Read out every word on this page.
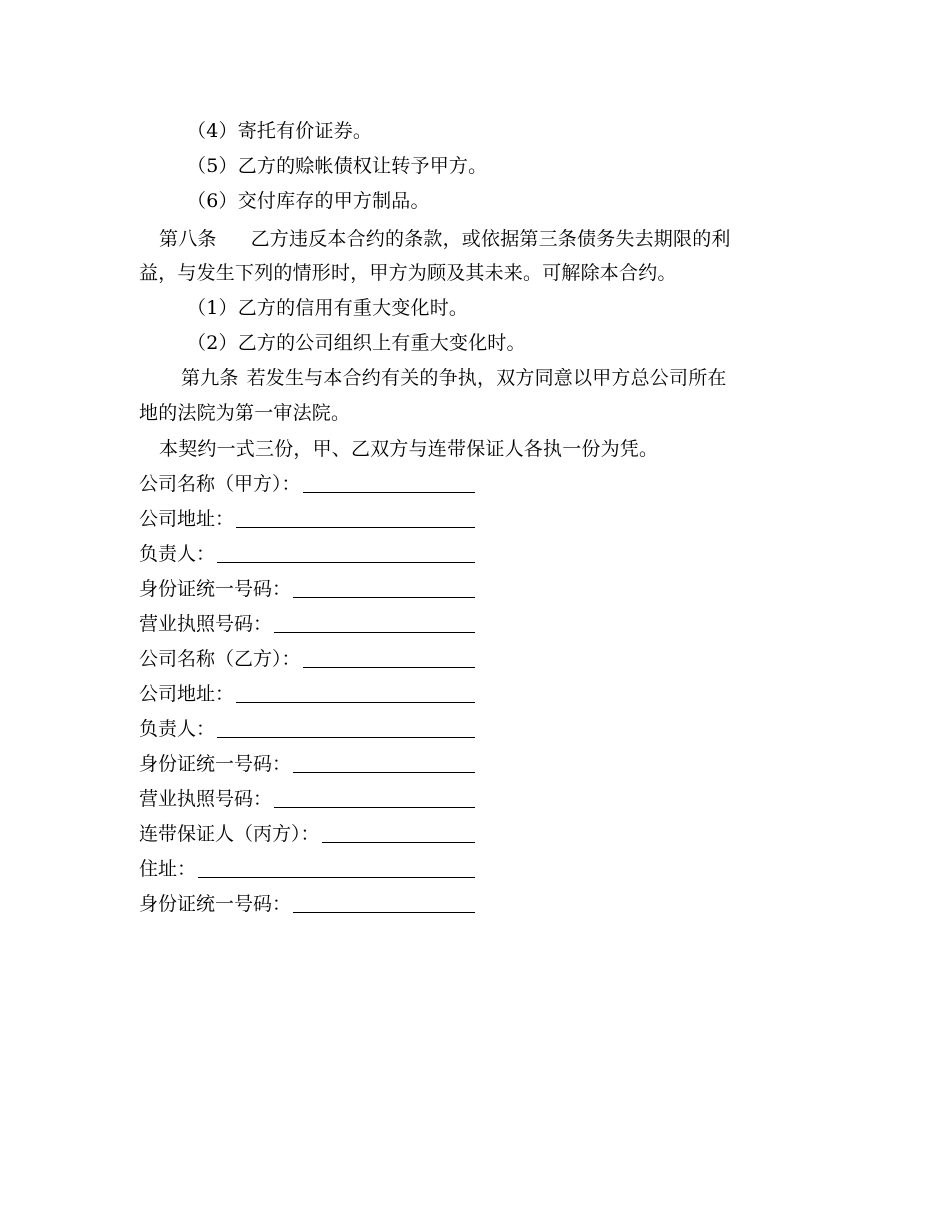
（4）寄托有价证券。
（5）乙方的赊帐债权让转予甲方。
（6）交付库存的甲方制品。
第八条 乙方违反本合约的条款，或依据第三条债务失去期限的利
益，与发生下列的情形时，甲方为顾及其未来。可解除本合约。
（1）乙方的信用有重大变化时。
（2）乙方的公司组织上有重大变化时。
第九条 若发生与本合约有关的争执，双方同意以甲方总公司所在
地的法院为第一审法院。
本契约一式三份，甲、乙双方与连带保证人各执一份为凭。
公司名称（甲方）：
公司地址：
负责人：
身份证统一号码：
营业执照号码：
公司名称（乙方）：
公司地址：
负责人：
身份证统一号码：
营业执照号码：
连带保证人（丙方）：
住址：
身份证统一号码：
